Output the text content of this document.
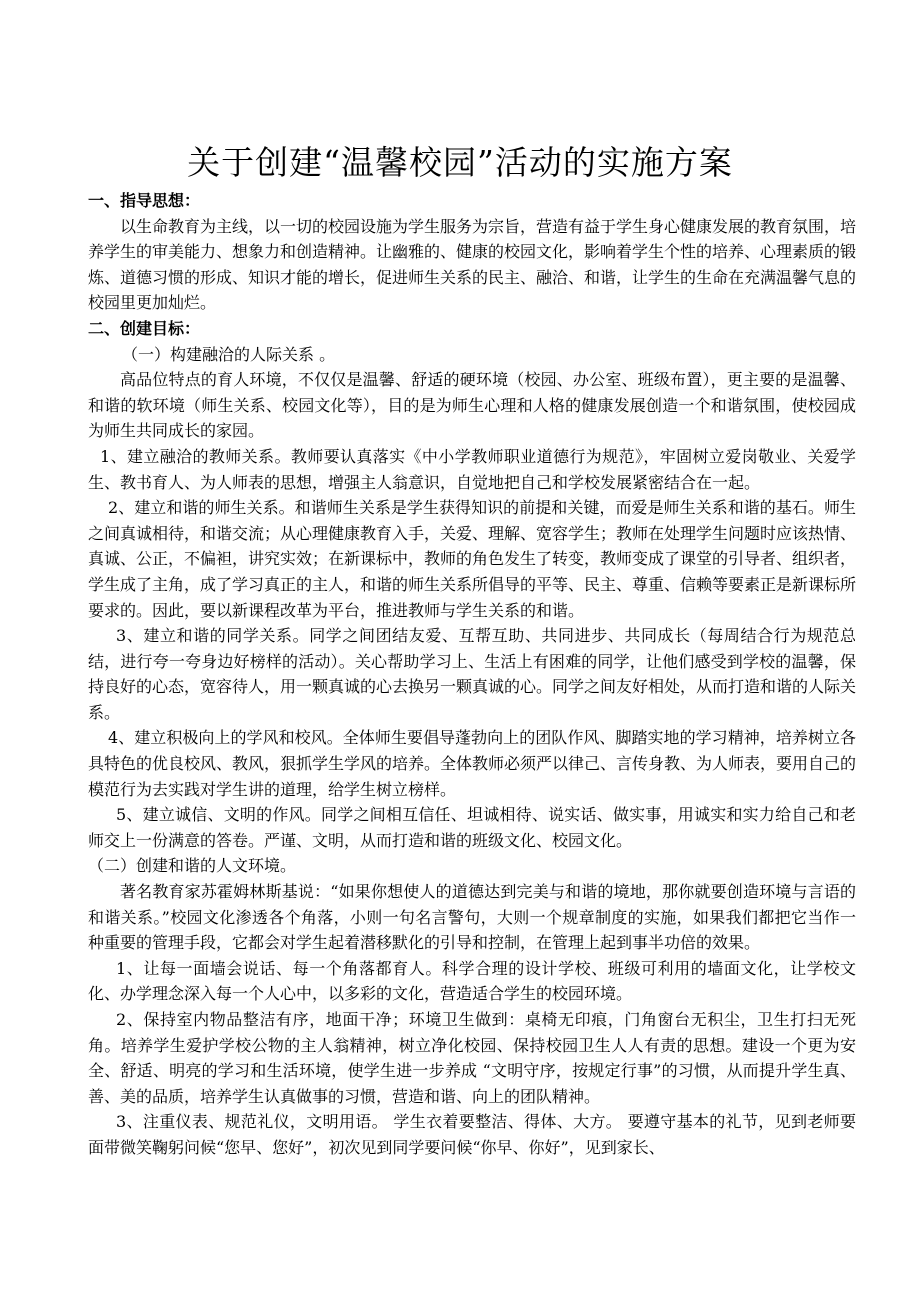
关于创建“温馨校园”活动的实施方案

一、指导思想：

以生命教育为主线，以一切的校园设施为学生服务为宗旨，营造有益于学生身心健康发展的教育氛围，培养学生的审美能力、想象力和创造精神。让幽雅的、健康的校园文化，影响着学生个性的培养、心理素质的锻炼、道德习惯的形成、知识才能的增长，促进师生关系的民主、融洽、和谐，让学生的生命在充满温馨气息的校园里更加灿烂。

二、创建目标：

（一）构建融洽的人际关系 。

高品位特点的育人环境，不仅仅是温馨、舒适的硬环境（校园、办公室、班级布置），更主要的是温馨、和谐的软环境（师生关系、校园文化等），目的是为师生心理和人格的健康发展创造一个和谐氛围，使校园成为师生共同成长的家园。

1、建立融洽的教师关系。教师要认真落实《中小学教师职业道德行为规范》，牢固树立爱岗敬业、关爱学生、教书育人、为人师表的思想，增强主人翁意识，自觉地把自己和学校发展紧密结合在一起。

2、建立和谐的师生关系。和谐师生关系是学生获得知识的前提和关键，而爱是师生关系和谐的基石。师生之间真诚相待，和谐交流；从心理健康教育入手，关爱、理解、宽容学生；教师在处理学生问题时应该热情、真诚、公正，不偏袒，讲究实效；在新课标中，教师的角色发生了转变，教师变成了课堂的引导者、组织者，学生成了主角，成了学习真正的主人，和谐的师生关系所倡导的平等、民主、尊重、信赖等要素正是新课标所要求的。因此，要以新课程改革为平台，推进教师与学生关系的和谐。

3、建立和谐的同学关系。同学之间团结友爱、互帮互助、共同进步、共同成长（每周结合行为规范总结，进行夸一夸身边好榜样的活动）。关心帮助学习上、生活上有困难的同学，让他们感受到学校的温馨，保持良好的心态，宽容待人，用一颗真诚的心去换另一颗真诚的心。同学之间友好相处，从而打造和谐的人际关系。

4、建立积极向上的学风和校风。全体师生要倡导蓬勃向上的团队作风、脚踏实地的学习精神，培养树立各具特色的优良校风、教风，狠抓学生学风的培养。全体教师必须严以律己、言传身教、为人师表，要用自己的模范行为去实践对学生讲的道理，给学生树立榜样。

5、建立诚信、文明的作风。同学之间相互信任、坦诚相待、说实话、做实事，用诚实和实力给自己和老师交上一份满意的答卷。严谨、文明，从而打造和谐的班级文化、校园文化。

（二）创建和谐的人文环境。

著名教育家苏霍姆林斯基说：“如果你想使人的道德达到完美与和谐的境地，那你就要创造环境与言语的和谐关系。”校园文化渗透各个角落，小则一句名言警句，大则一个规章制度的实施，如果我们都把它当作一种重要的管理手段，它都会对学生起着潜移默化的引导和控制，在管理上起到事半功倍的效果。

1、让每一面墙会说话、每一个角落都育人。科学合理的设计学校、班级可利用的墙面文化，让学校文化、办学理念深入每一个人心中，以多彩的文化，营造适合学生的校园环境。

2、保持室内物品整洁有序，地面干净；环境卫生做到：桌椅无印痕，门角窗台无积尘，卫生打扫无死角。培养学生爱护学校公物的主人翁精神，树立净化校园、保持校园卫生人人有责的思想。建设一个更为安全、舒适、明亮的学习和生活环境，使学生进一步养成 “文明守序，按规定行事”的习惯，从而提升学生真、善、美的品质，培养学生认真做事的习惯，营造和谐、向上的团队精神。

3、注重仪表、规范礼仪，文明用语。 学生衣着要整洁、得体、大方。 要遵守基本的礼节，见到老师要面带微笑鞠躬问候“您早、您好”，初次见到同学要问候“你早、你好”，见到家长、
